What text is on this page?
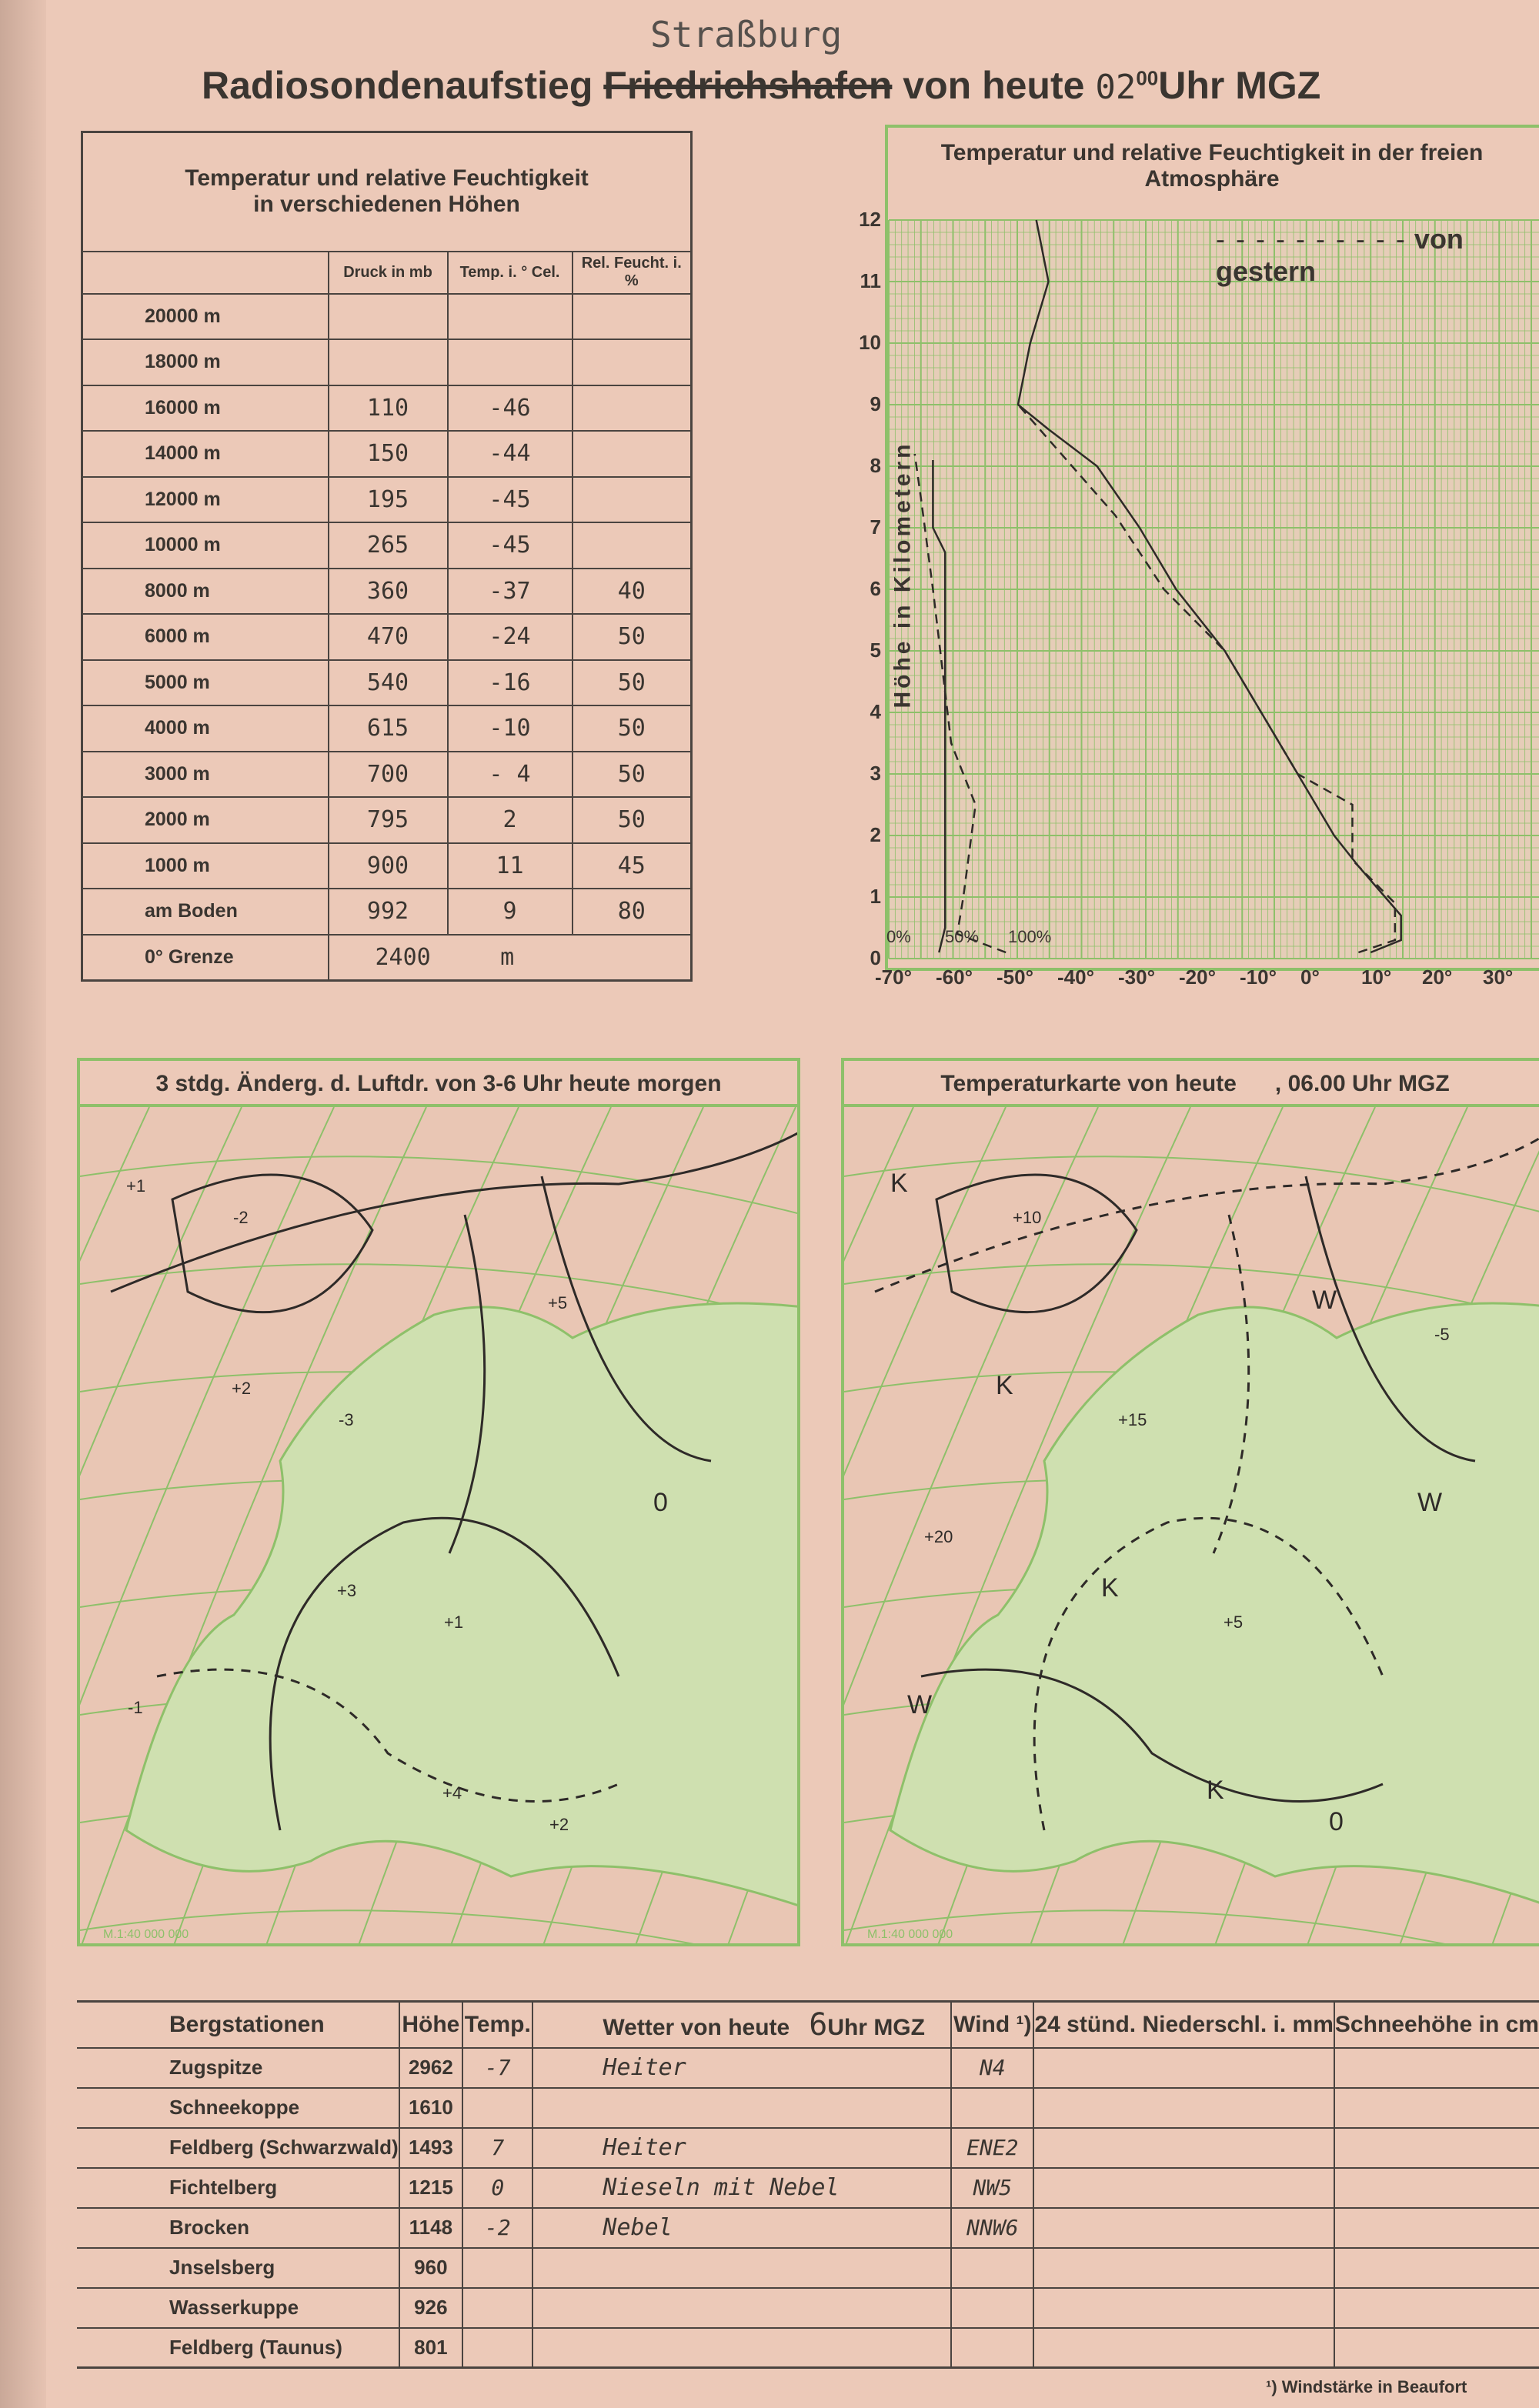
Straßburg
Radiosondenaufstieg Friedrichshafen von heute $02^{00}Uhr$ MGZ
Temperatur und relative Feuchtigkeit
in verschiedenen Höhen			

	Druck in mb	Temp. i. ° Cel.	Rel. Feucht. i. %
20000 m			
18000 m			
16000 m	110	-46	
14000 m	150	-44	
12000 m	195	-45	
10000 m	265	-45	
8000 m	360	-37	40
6000 m	470	-24	50
5000 m	540	-16	50
4000 m	615	-10	50
3000 m	700	- 4	50
2000 m	795	2	50
1000 m	900	11	45
am Boden	992	9	80
0° Grenze	2400 m		
Temperatur und relative Feuchtigkeit in der freien Atmosphäre
- - - - - - - - - - von gestern
Höhe in Kilometern
0
1
2
3
4
5
6
7
8
9
10
11
12
-70° -60° -50° -40° -30° -20° -10° 0° 10° 20° 30°
0% 50% 100%
3 stdg. Änderg. d. Luftdr. von 3-6 Uhr heute morgen
+1
+2
+3
+4
+5
0
-1
-2
-3
+1
+2
M.1:40 000 000
Temperaturkarte von heute , 06.00 Uhr MGZ
K
K
K
K
W
W
W
+10
+15
+5
0
-5
+20
M.1:40 000 000
Bergstationen	Höhe	Temp.	Wetter von heute 6Uhr MGZ	Wind ¹)	24 stünd. Niederschl. i. mm	Schneehöhe in cm
Zugspitze	2962	-7	Heiter	N4		
Schneekoppe	1610					
Feldberg (Schwarzwald)	1493	7	Heiter	ENE2		
Fichtelberg	1215	0	Nieseln mit Nebel	NW5		
Brocken	1148	-2	Nebel	NNW6		
Jnselsberg	960					
Wasserkuppe	926					
Feldberg (Taunus)	801					
¹) Windstärke in Beaufort
